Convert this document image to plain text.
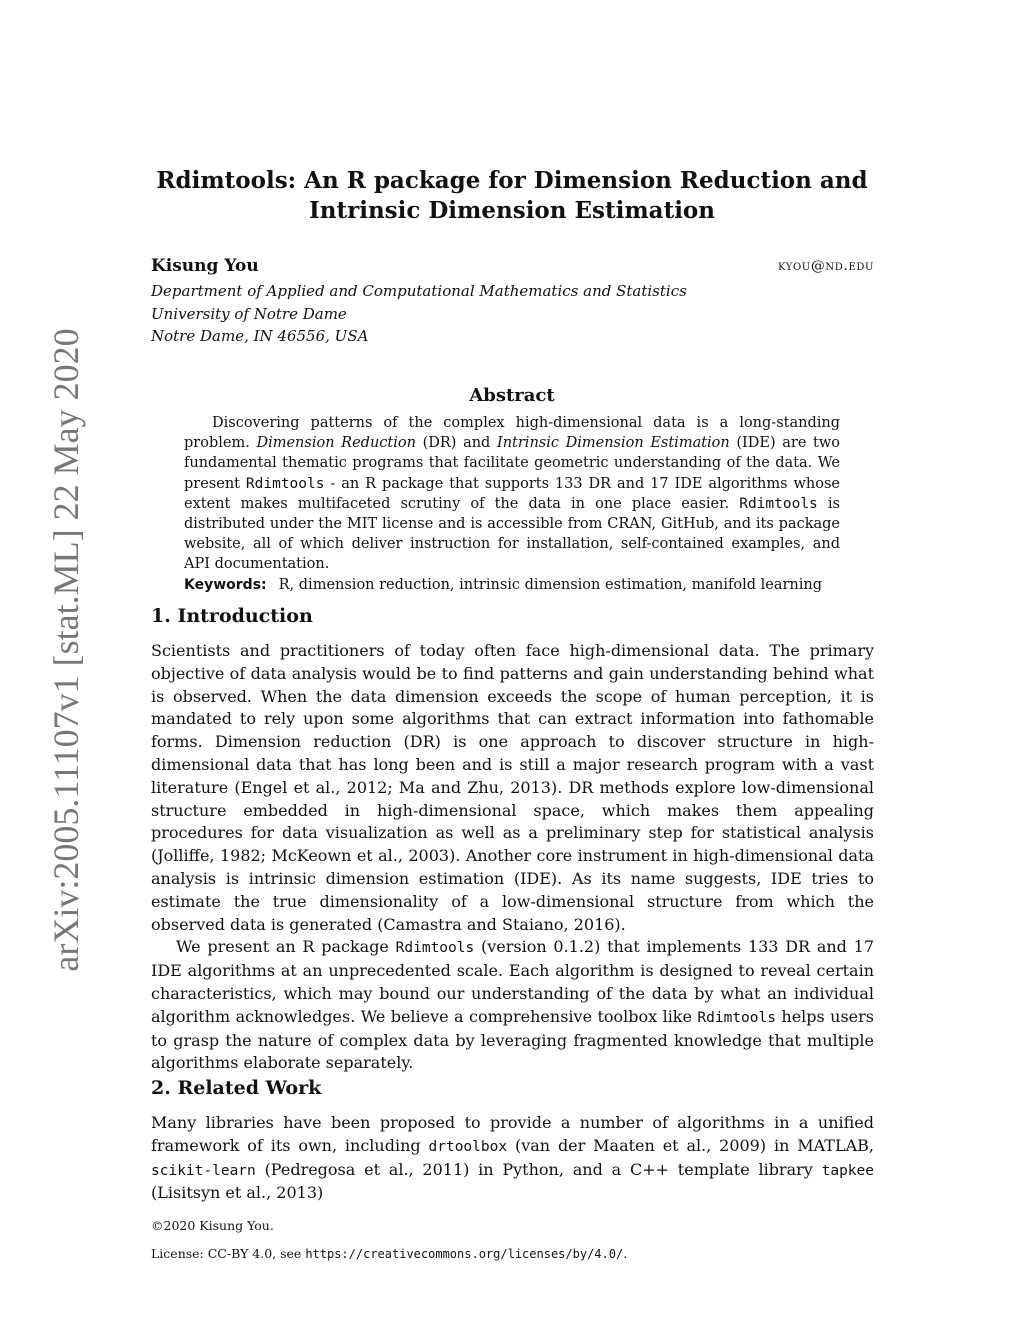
arXiv:2005.11107v1 [stat.ML] 22 May 2020
Rdimtools: An R package for Dimension Reduction and
Intrinsic Dimension Estimation
Kisung You	kyou@nd.edu
Department of Applied and Computational Mathematics and Statistics
University of Notre Dame
Notre Dame, IN 46556, USA
Abstract

Discovering patterns of the complex high-dimensional data is a long-standing problem. Dimension Reduction (DR) and Intrinsic Dimension Estimation (IDE) are two fundamental thematic programs that facilitate geometric understanding of the data. We present Rdimtools - an R package that supports 133 DR and 17 IDE algorithms whose extent makes multifaceted scrutiny of the data in one place easier. Rdimtools is distributed under the MIT license and is accessible from CRAN, GitHub, and its package website, all of which deliver instruction for installation, self-contained examples, and API documentation.

Keywords: R, dimension reduction, intrinsic dimension estimation, manifold learning
1. Introduction

Scientists and practitioners of today often face high-dimensional data. The primary objective of data analysis would be to find patterns and gain understanding behind what is observed. When the data dimension exceeds the scope of human perception, it is mandated to rely upon some algorithms that can extract information into fathomable forms. Dimension reduction (DR) is one approach to discover structure in high-dimensional data that has long been and is still a major research program with a vast literature (Engel et al., 2012; Ma and Zhu, 2013). DR methods explore low-dimensional structure embedded in high-dimensional space, which makes them appealing procedures for data visualization as well as a preliminary step for statistical analysis (Jolliffe, 1982; McKeown et al., 2003). Another core instrument in high-dimensional data analysis is intrinsic dimension estimation (IDE). As its name suggests, IDE tries to estimate the true dimensionality of a low-dimensional structure from which the observed data is generated (Camastra and Staiano, 2016).

We present an R package Rdimtools (version 0.1.2) that implements 133 DR and 17 IDE algorithms at an unprecedented scale. Each algorithm is designed to reveal certain characteristics, which may bound our understanding of the data by what an individual algorithm acknowledges. We believe a comprehensive toolbox like Rdimtools helps users to grasp the nature of complex data by leveraging fragmented knowledge that multiple algorithms elaborate separately.

2. Related Work

Many libraries have been proposed to provide a number of algorithms in a unified framework of its own, including drtoolbox (van der Maaten et al., 2009) in MATLAB, scikit-learn (Pedregosa et al., 2011) in Python, and a C++ template library tapkee (Lisitsyn et al., 2013)

©2020 Kisung You.
License: CC-BY 4.0, see https://creativecommons.org/licenses/by/4.0/.
